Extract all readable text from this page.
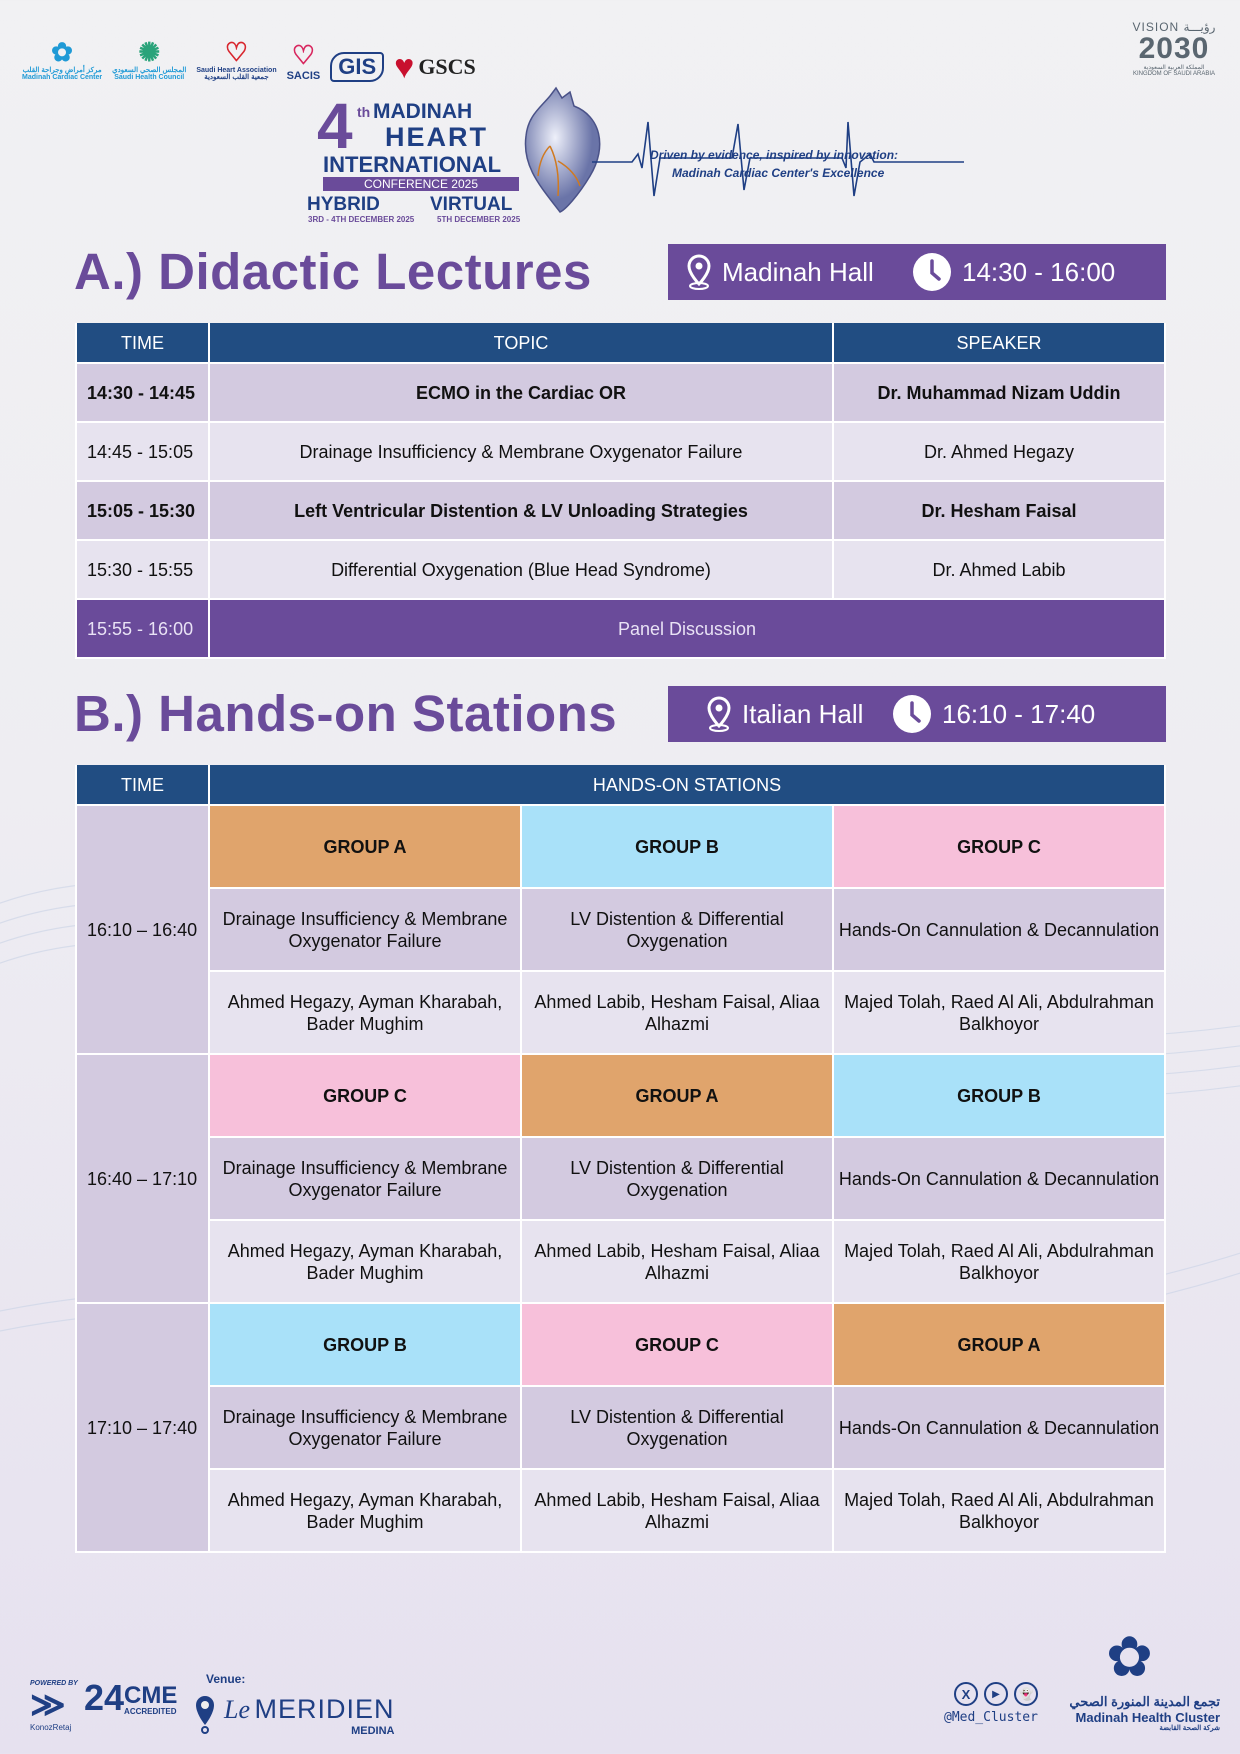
✿
مركز أمراض وجراحة القلب
Madinah Cardiac Center
✺
المجلس الصحي السعودي
Saudi Health Council
♡
Saudi Heart Association
جمعية القلب السعودية
♡
SACIS GIS ♥ GSCS
VISION رؤيـــة
2030
المملكة العربية السعودية
KINGDOM OF SAUDI ARABIA
4 th MADINAH
HEART
INTERNATIONAL
CONFERENCE 2025
HYBRID	VIRTUAL
3RD - 4TH DECEMBER 2025	5TH DECEMBER 2025
Driven by evidence, inspired by innovation:
Madinah Cardiac Center's Excellence
A.) Didactic Lectures	Madinah Hall	14:30 - 16:00
TIME	TOPIC	SPEAKER
14:30 - 14:45	ECMO in the Cardiac OR	Dr. Muhammad Nizam Uddin
14:45 - 15:05	Drainage Insufficiency & Membrane Oxygenator Failure	Dr. Ahmed Hegazy
15:05 - 15:30	Left Ventricular Distention & LV Unloading Strategies	Dr. Hesham Faisal
15:30 - 15:55	Differential Oxygenation (Blue Head Syndrome)	Dr. Ahmed Labib
15:55 - 16:00	Panel Discussion	
B.) Hands-on Stations	Italian Hall	16:10 - 17:40
TIME	HANDS-ON STATIONS		
16:10 – 16:40	GROUP A	GROUP B	GROUP C
	Drainage Insufficiency & Membrane Oxygenator Failure	LV Distention & Differential Oxygenation	Hands-On Cannulation & Decannulation
	Ahmed Hegazy, Ayman Kharabah, Bader Mughim	Ahmed Labib, Hesham Faisal, Aliaa Alhazmi	Majed Tolah, Raed Al Ali, Abdulrahman Balkhoyor
16:40 – 17:10	GROUP C	GROUP A	GROUP B
	Drainage Insufficiency & Membrane Oxygenator Failure	LV Distention & Differential Oxygenation	Hands-On Cannulation & Decannulation
	Ahmed Hegazy, Ayman Kharabah, Bader Mughim	Ahmed Labib, Hesham Faisal, Aliaa Alhazmi	Majed Tolah, Raed Al Ali, Abdulrahman Balkhoyor
17:10 – 17:40	GROUP B	GROUP C	GROUP A
	Drainage Insufficiency & Membrane Oxygenator Failure	LV Distention & Differential Oxygenation	Hands-On Cannulation & Decannulation
	Ahmed Hegazy, Ayman Kharabah, Bader Mughim	Ahmed Labib, Hesham Faisal, Aliaa Alhazmi	Majed Tolah, Raed Al Ali, Abdulrahman Balkhoyor
POWERED BY
≫
KonozRetaj
24 CME
ACCREDITED
Venue:
Le MERIDIEN
MEDINA
X	▶	👻
@Med_Cluster
✿
تجمع المدينة المنورة الصحي
Madinah Health Cluster
شركة الصحة القابضة
